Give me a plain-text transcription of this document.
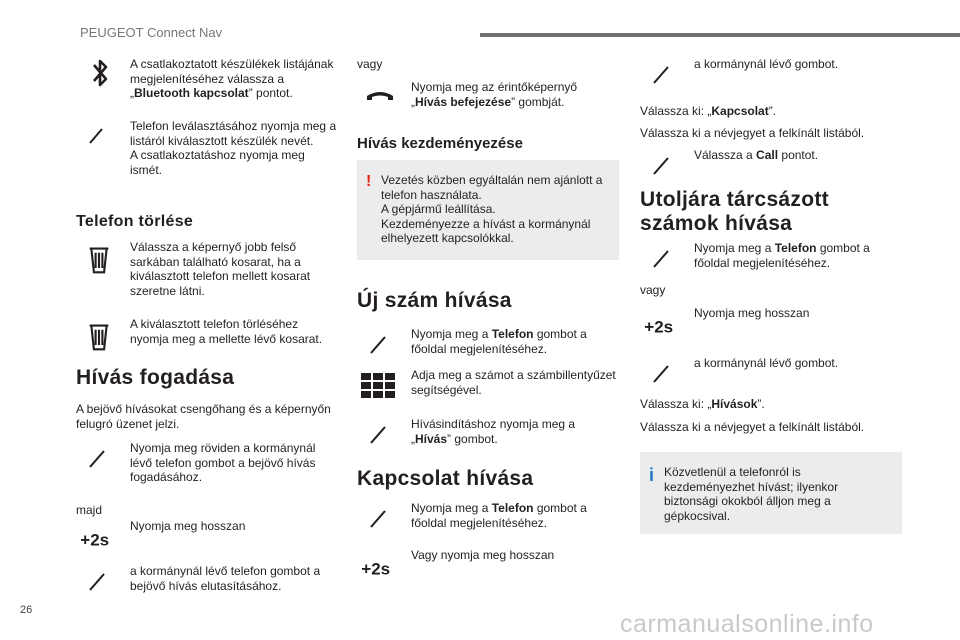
PEUGEOT Connect Nav
A csatlakoztatott készülékek listájának megjelenítéséhez válassza a „Bluetooth kapcsolat” pontot.
Telefon leválasztásához nyomja meg a listáról kiválasztott készülék nevét.
A csatlakoztatáshoz nyomja meg ismét.
Telefon törlése
Válassza a képernyő jobb felső sarkában található kosarat, ha a kiválasztott telefon mellett kosarat szeretne látni.
A kiválasztott telefon törléséhez nyomja meg a mellette lévő kosarat.
Hívás fogadása
A bejövő hívásokat csengőhang és a képernyőn felugró üzenet jelzi.
Nyomja meg röviden a kormánynál lévő telefon gombot a bejövő hívás fogadásához.
majd
+2s
Nyomja meg hosszan
a kormánynál lévő telefon gombot a bejövő hívás elutasításához.
vagy
Nyomja meg az érintőképernyő
„Hívás befejezése” gombját.
Hívás kezdeményezése
! Vezetés közben egyáltalán nem ajánlott a telefon használata.
A gépjármű leállítása.
Kezdeményezze a hívást a kormánynál elhelyezett kapcsolókkal.
Új szám hívása
Nyomja meg a Telefon gombot a főoldal megjelenítéséhez.
Adja meg a számot a számbillentyűzet segítségével.
Hívásindításhoz nyomja meg a
„Hívás” gombot.
Kapcsolat hívása
Nyomja meg a Telefon gombot a főoldal megjelenítéséhez.
+2s
Vagy nyomja meg hosszan
a kormánynál lévő gombot.
Válassza ki: „Kapcsolat”.
Válassza ki a névjegyet a felkínált listából.
Válassza a Call pontot.
Utoljára tárcsázott számok hívása
Nyomja meg a Telefon gombot a főoldal megjelenítéséhez.
vagy
+2s
Nyomja meg hosszan
a kormánynál lévő gombot.
Válassza ki: „Hívások”.
Válassza ki a névjegyet a felkínált listából.
i Közvetlenül a telefonról is kezdeményezhet hívást; ilyenkor biztonsági okokból álljon meg a gépkocsival.
26	carmanualsonline.info
